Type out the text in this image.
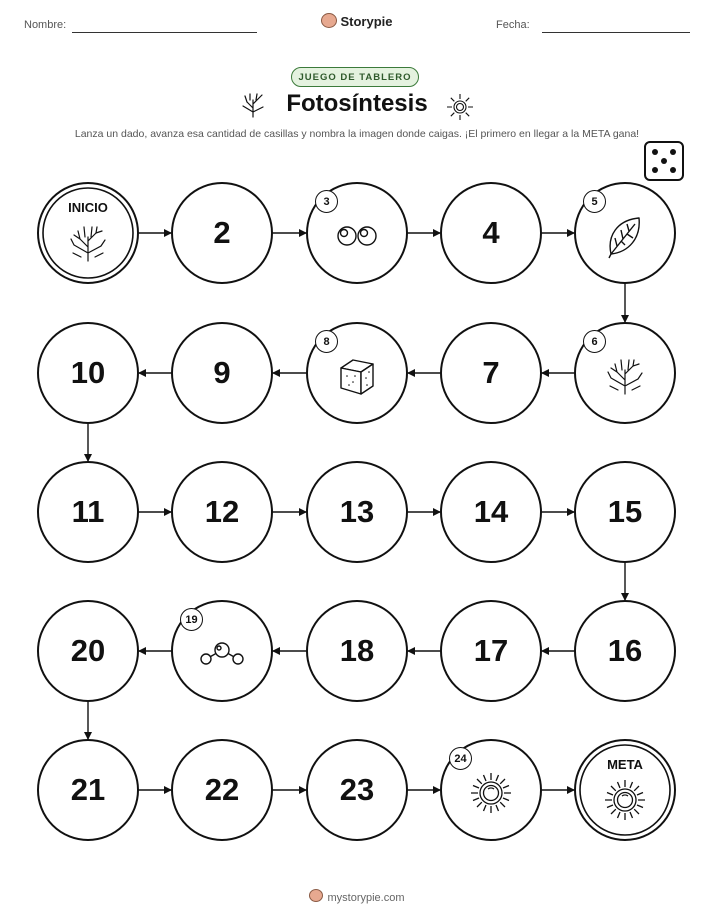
Nombre:	Storypie	Fecha:
JUEGO DE TABLERO
Fotosíntesis
Lanza un dado, avanza esa cantidad de casillas y nombra la imagen donde caigas. ¡El primero en llegar a la META gana!
INICIO
2
3
4
5
6
7
8
9
10
11	12	13	14	15
16
17
18
19
20
21	22	23
24	META
mystorypie.com
